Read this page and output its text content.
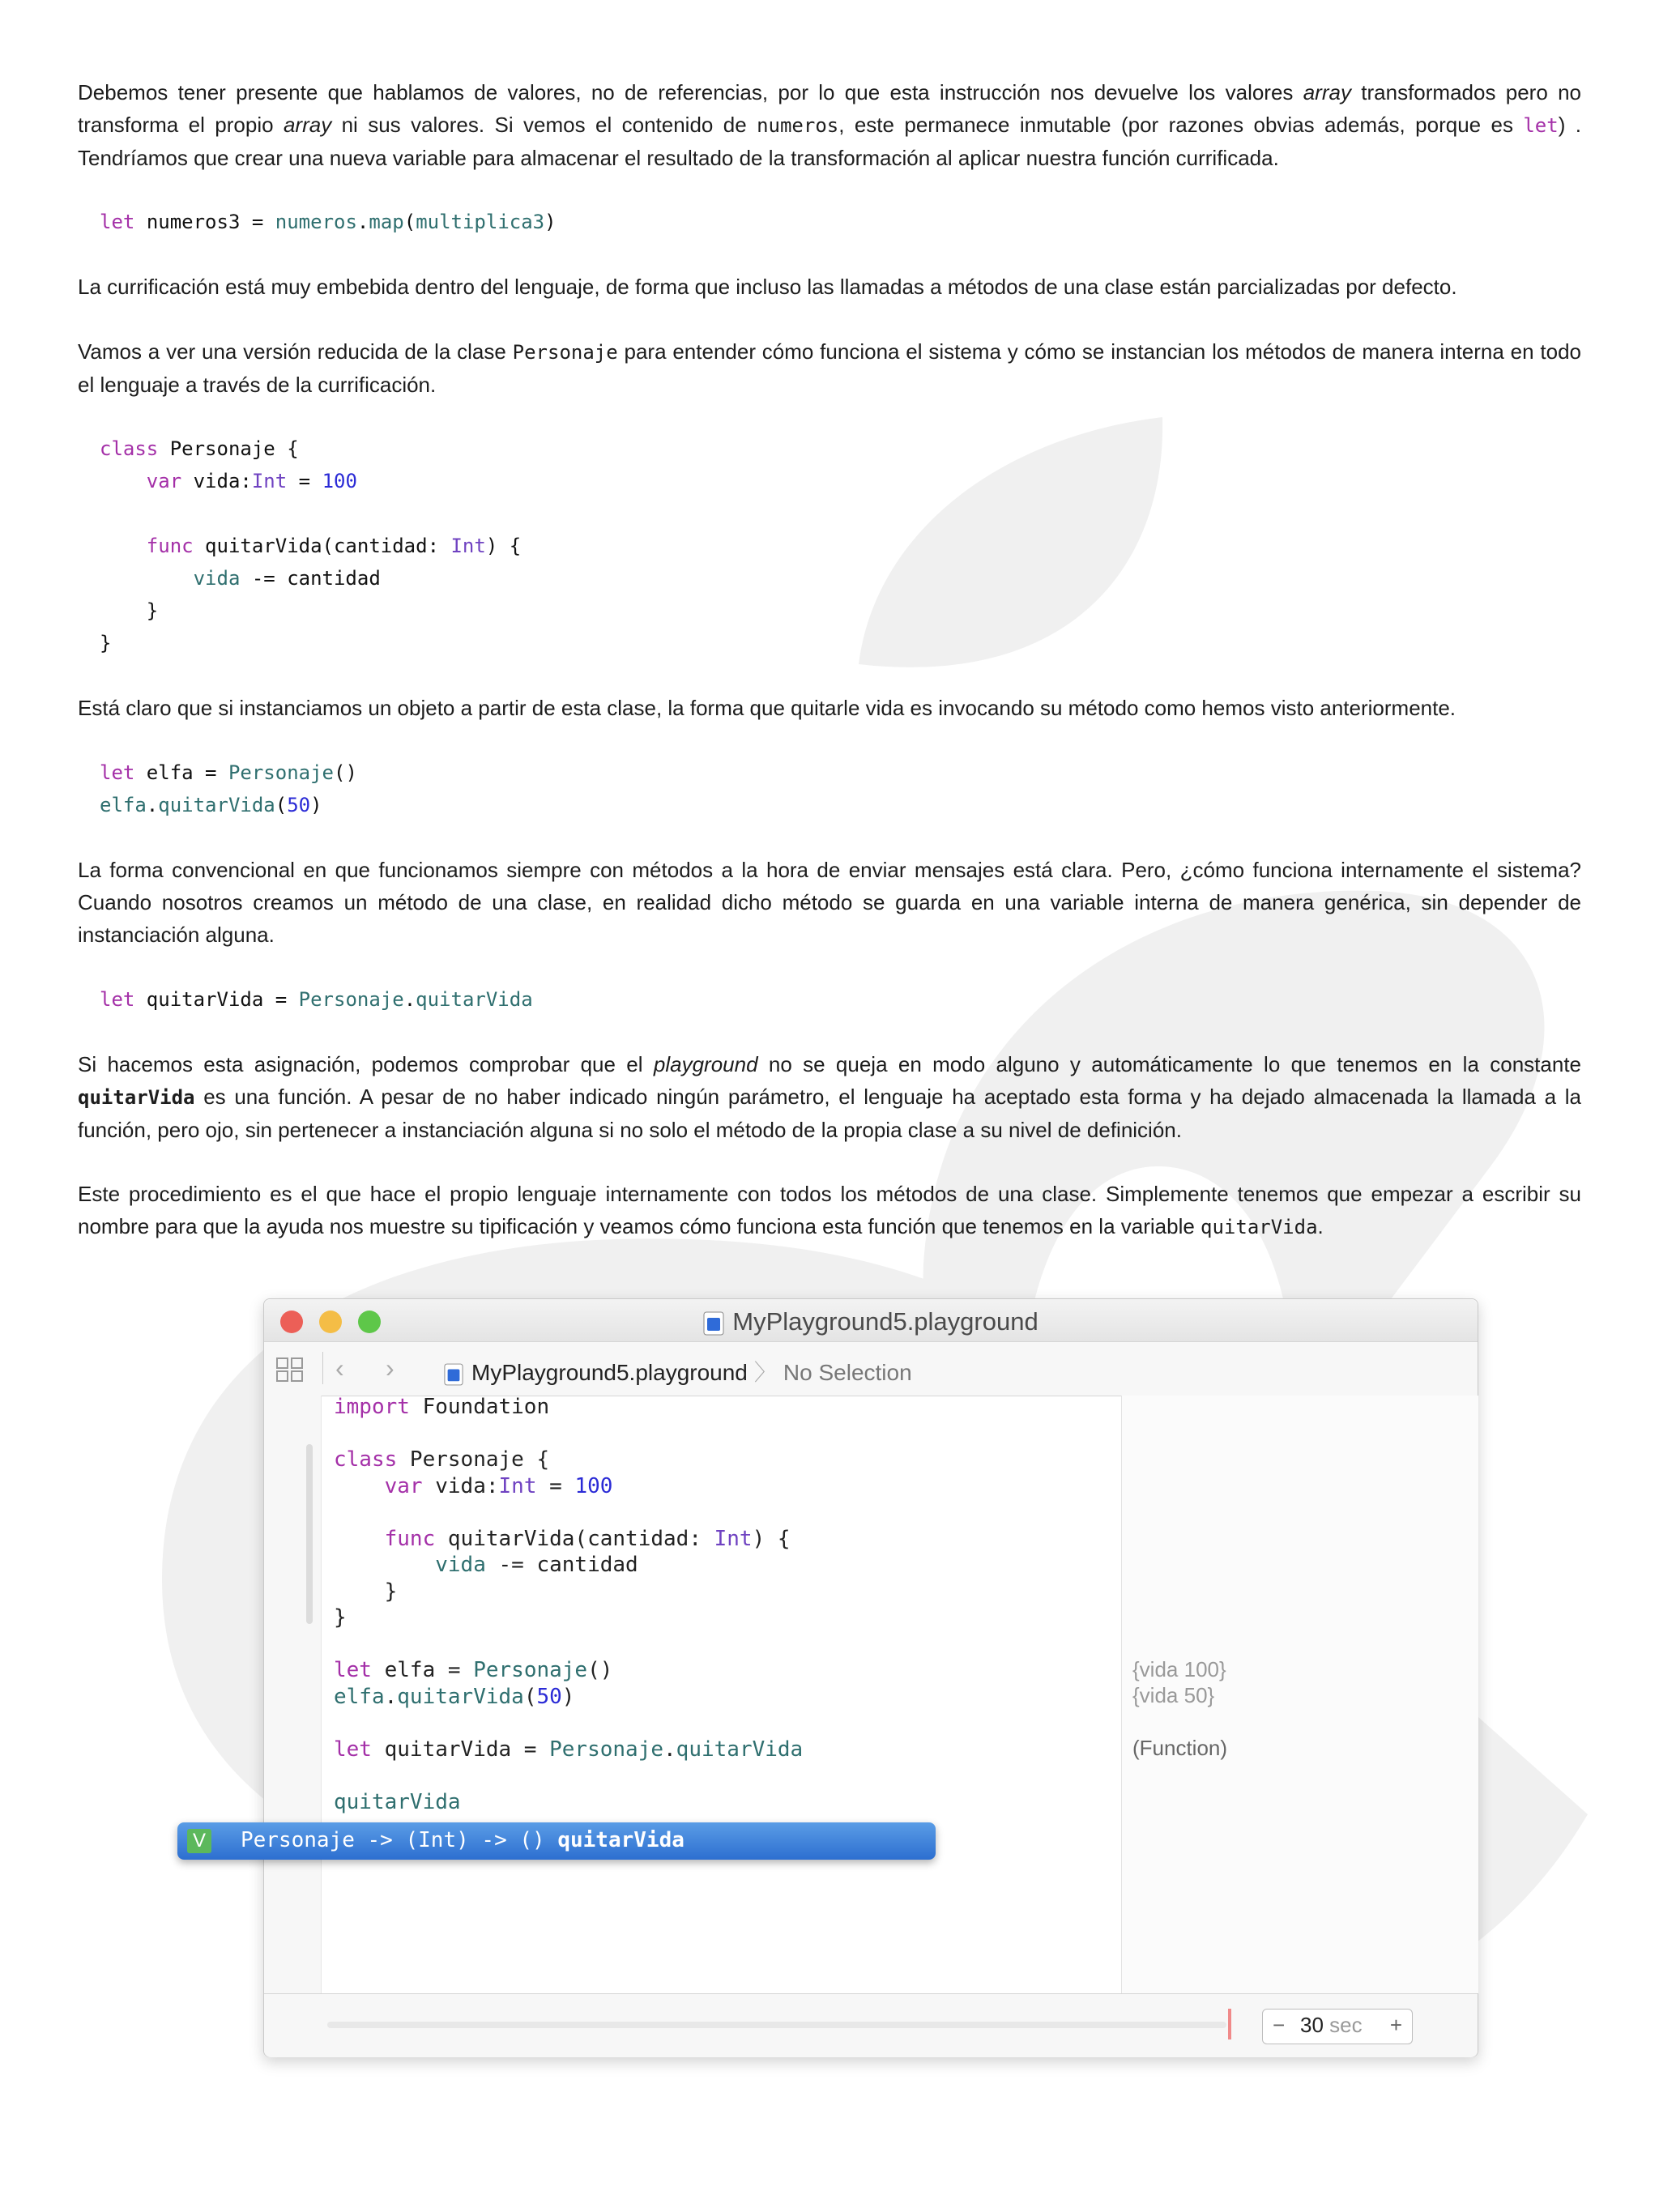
Debemos tener presente que hablamos de valores, no de referencias, por lo que esta instrucción nos devuelve los valores array transformados pero no transforma el propio array ni sus valores. Si vemos el contenido de numeros, este permanece inmutable (por razones obvias además, porque es let) . Tendríamos que crear una nueva variable para almacenar el resultado de la transformación al aplicar nuestra función currificada.

let numeros3 = numeros.map(multiplica3)

La currificación está muy embebida dentro del lenguaje, de forma que incluso las llamadas a métodos de una clase están parcializadas por defecto.

Vamos a ver una versión reducida de la clase Personaje para entender cómo funciona el sistema y cómo se instancian los métodos de manera interna en todo el lenguaje a través de la currificación.

class Personaje {
var vida:Int = 100

func quitarVida(cantidad: Int) {
vida -= cantidad
}
}

Está claro que si instanciamos un objeto a partir de esta clase, la forma que quitarle vida es invocando su método como hemos visto anteriormente.

let elfa = Personaje()
elfa.quitarVida(50)

La forma convencional en que funcionamos siempre con métodos a la hora de enviar mensajes está clara. Pero, ¿cómo funciona internamente el sistema? Cuando nosotros creamos un método de una clase, en realidad dicho método se guarda en una variable interna de manera genérica, sin depender de instanciación alguna.

let quitarVida = Personaje.quitarVida

Si hacemos esta asignación, podemos comprobar que el playground no se queja en modo alguno y automáticamente lo que tenemos en la constante quitarVida es una función. A pesar de no haber indicado ningún parámetro, el lenguaje ha aceptado esta forma y ha dejado almacenada la llamada a la función, pero ojo, sin pertenecer a instanciación alguna si no solo el método de la propia clase a su nivel de definición.

Este procedimiento es el que hace el propio lenguaje internamente con todos los métodos de una clase. Simplemente tenemos que empezar a escribir su nombre para que la ayuda nos muestre su tipificación y veamos cómo funciona esta función que tenemos en la variable quitarVida.

MyPlayground5.playground
‹ ›	MyPlayground5.playground 〉 No Selection
import Foundation

class Personaje {
var vida:Int = 100

func quitarVida(cantidad: Int) {
vida -= cantidad
}
}

let elfa = Personaje()
elfa.quitarVida(50)

let quitarVida = Personaje.quitarVida

quitarVida
{vida 100}
{vida 50}
(Function)
− 30 sec +
V Personaje -> (Int) -> () quitarVida
